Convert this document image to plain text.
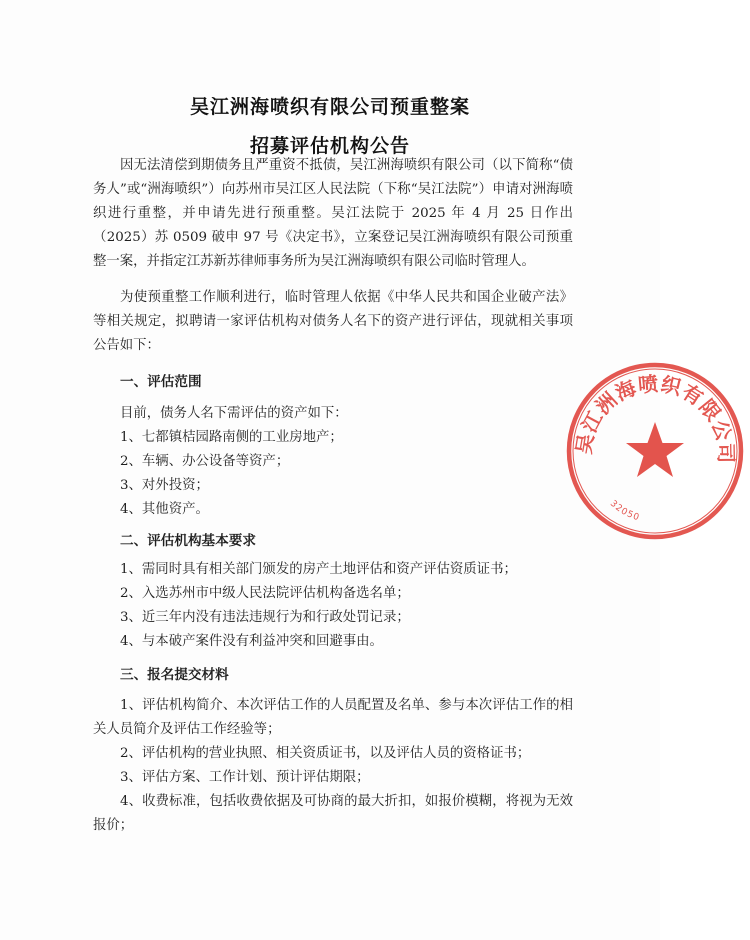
吴江洲海喷织有限公司预重整案
招募评估机构公告

因无法清偿到期债务且严重资不抵债，吴江洲海喷织有限公司（以下简称“债务人”或“洲海喷织”）向苏州市吴江区人民法院（下称“吴江法院”）申请对洲海喷织进行重整，并申请先进行预重整。吴江法院于 2025 年 4 月 25 日作出（2025）苏 0509 破申 97 号《决定书》，立案登记吴江洲海喷织有限公司预重整一案，并指定江苏新苏律师事务所为吴江洲海喷织有限公司临时管理人。

为使预重整工作顺利进行，临时管理人依据《中华人民共和国企业破产法》等相关规定，拟聘请一家评估机构对债务人名下的资产进行评估，现就相关事项公告如下：

一、评估范围

目前，债务人名下需评估的资产如下：

1、七都镇桔园路南侧的工业房地产；
2、车辆、办公设备等资产；
3、对外投资；
4、其他资产。

二、评估机构基本要求

1、需同时具有相关部门颁发的房产土地评估和资产评估资质证书；
2、入选苏州市中级人民法院评估机构备选名单；
3、近三年内没有违法违规行为和行政处罚记录；
4、与本破产案件没有利益冲突和回避事由。

三、报名提交材料

1、评估机构简介、本次评估工作的人员配置及名单、参与本次评估工作的相关人员简介及评估工作经验等；
2、评估机构的营业执照、相关资质证书，以及评估人员的资格证书；
3、评估方案、工作计划、预计评估期限；
4、收费标准，包括收费依据及可协商的最大折扣，如报价模糊，将视为无效报价；
吴江洲海喷织有限公司
32050
